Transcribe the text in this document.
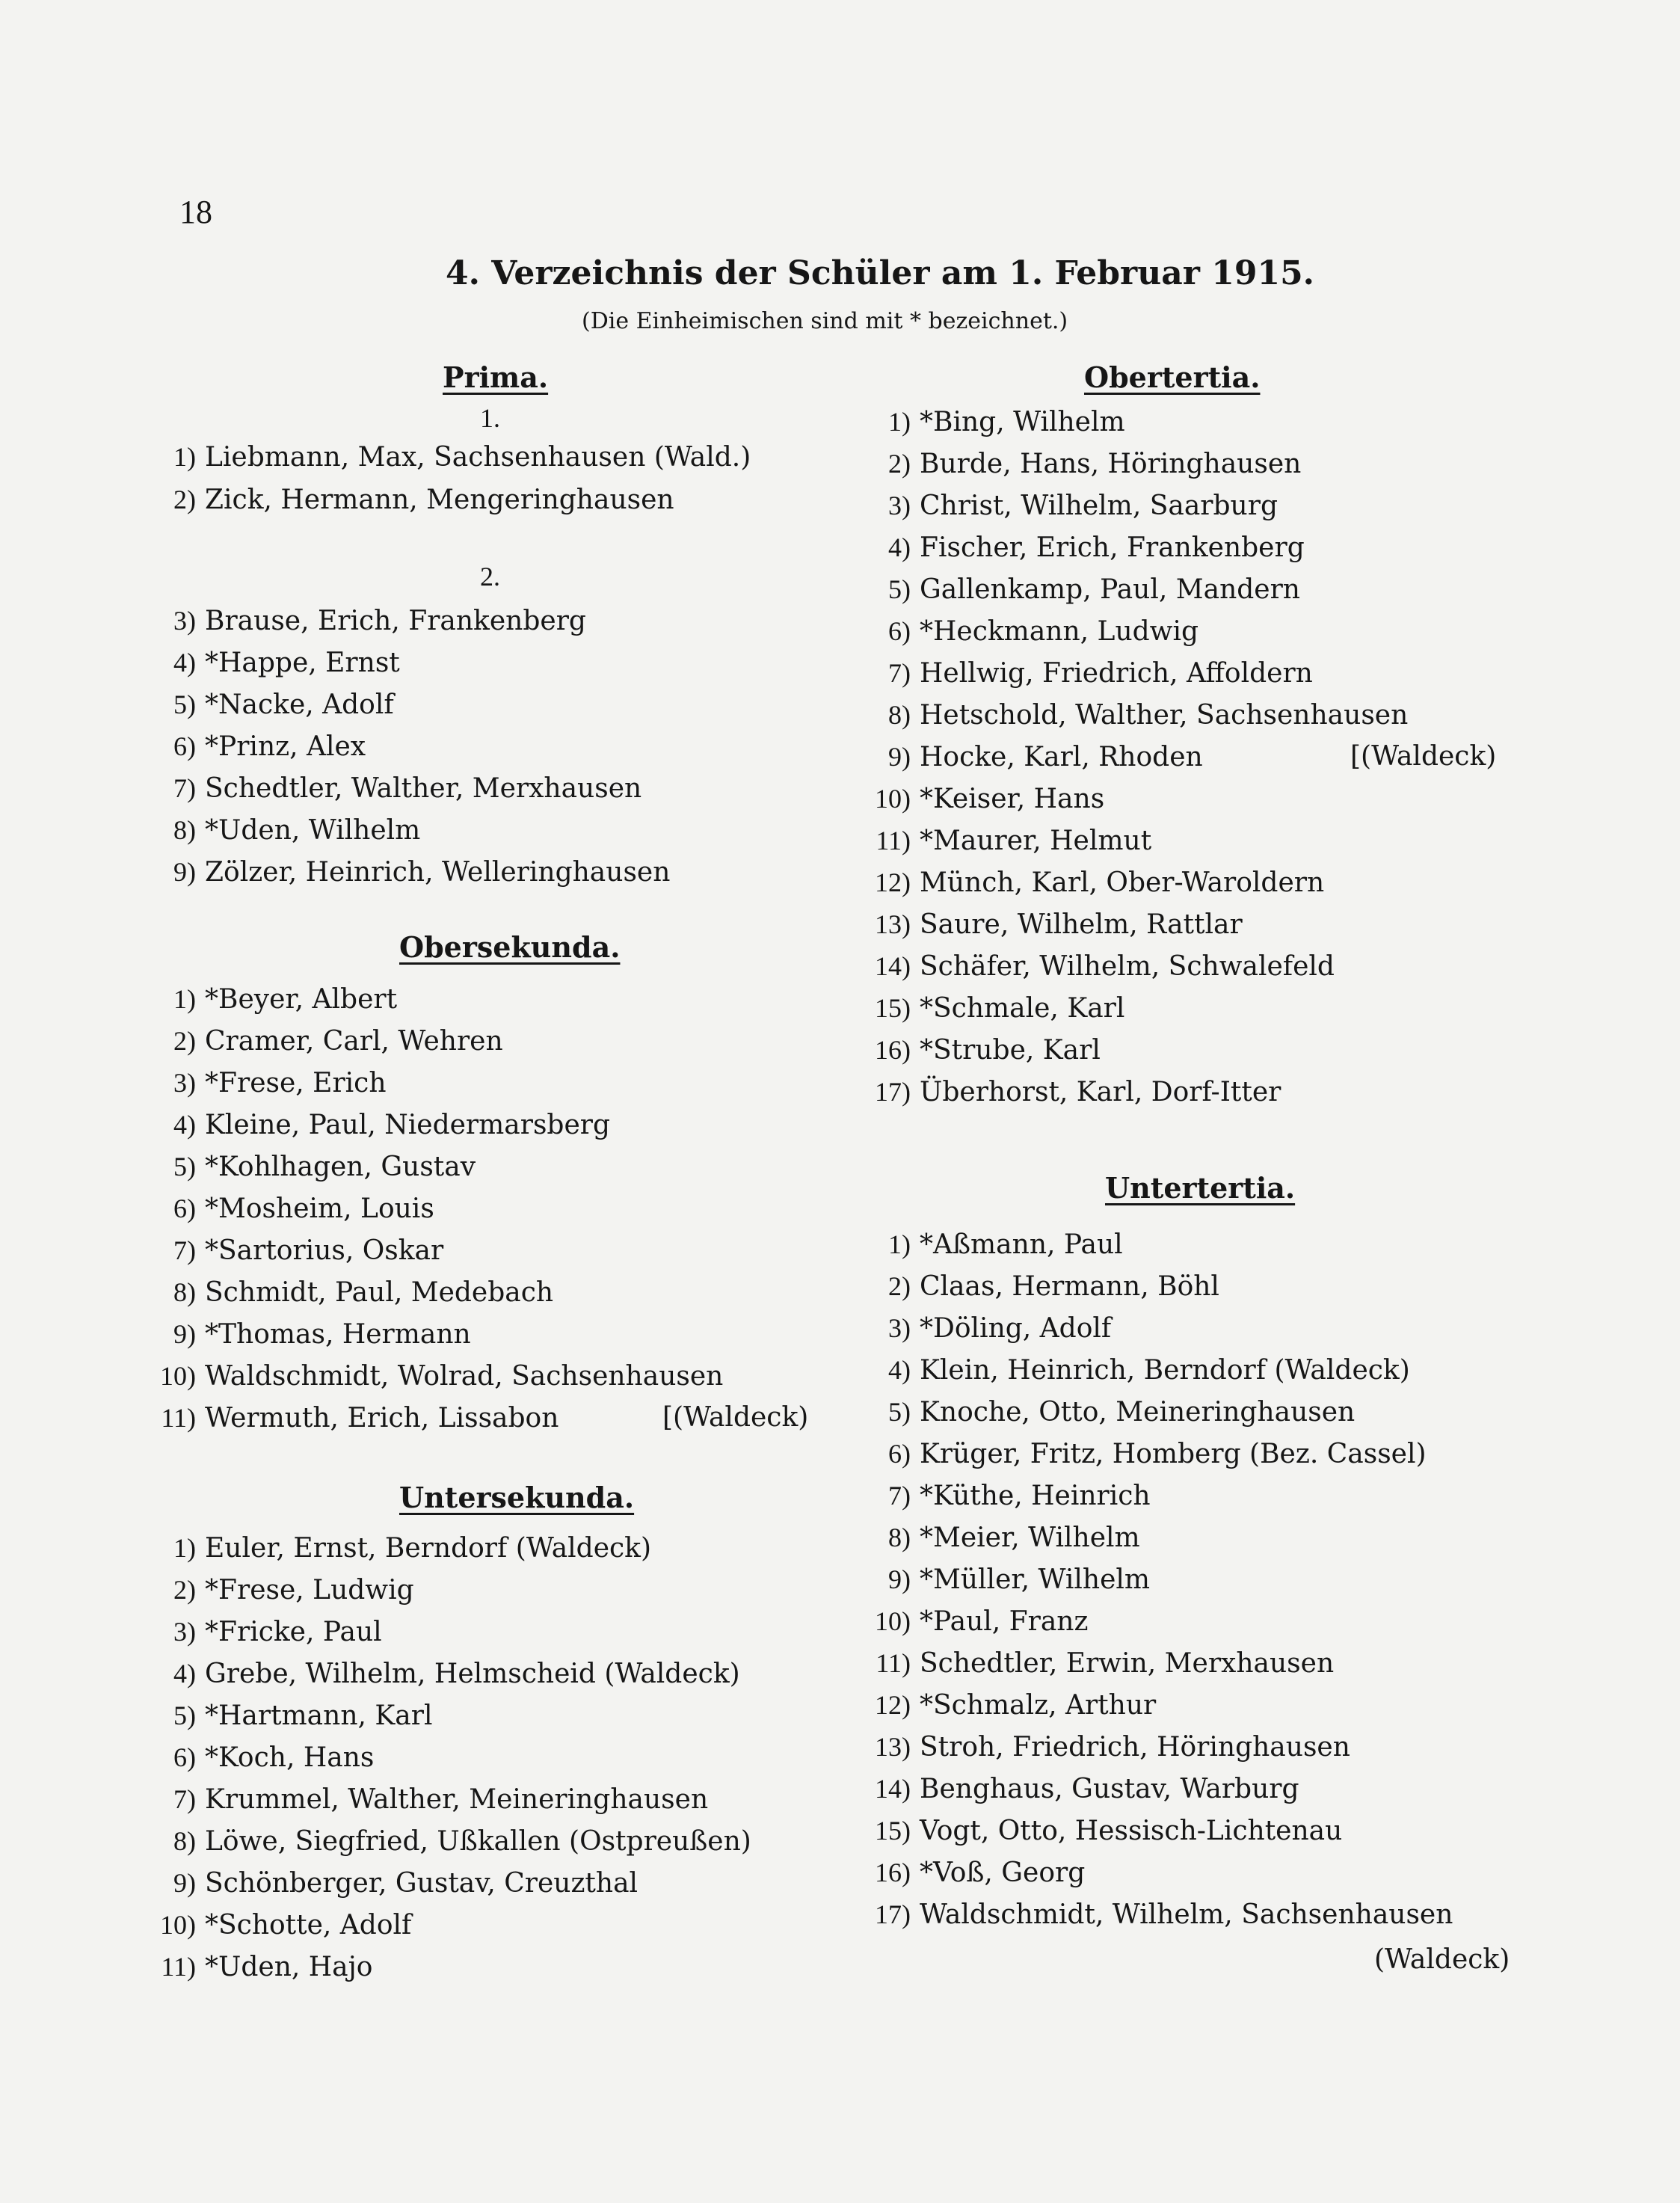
18
4. Verzeichnis der Schüler am 1. Februar 1915.
(Die Einheimischen sind mit * bezeichnet.)
Prima.
1.
1) Liebmann, Max, Sachsenhausen (Wald.)
2) Zick, Hermann, Mengeringhausen
2.
3) Brause, Erich, Frankenberg
4) *Happe, Ernst
5) *Nacke, Adolf
6) *Prinz, Alex
7) Schedtler, Walther, Merxhausen
8) *Uden, Wilhelm
9) Zölzer, Heinrich, Welleringhausen
Obersekunda.
1) *Beyer, Albert
2) Cramer, Carl, Wehren
3) *Frese, Erich
4) Kleine, Paul, Niedermarsberg
5) *Kohlhagen, Gustav
6) *Mosheim, Louis
7) *Sartorius, Oskar
8) Schmidt, Paul, Medebach
9) *Thomas, Hermann
10) Waldschmidt, Wolrad, Sachsenhausen
11) Wermuth, Erich, Lissabon	[(Waldeck)
Untersekunda.
1) Euler, Ernst, Berndorf (Waldeck)
2) *Frese, Ludwig
3) *Fricke, Paul
4) Grebe, Wilhelm, Helmscheid (Waldeck)
5) *Hartmann, Karl
6) *Koch, Hans
7) Krummel, Walther, Meineringhausen
8) Löwe, Siegfried, Ußkallen (Ostpreußen)
9) Schönberger, Gustav, Creuzthal
10) *Schotte, Adolf
11) *Uden, Hajo
Obertertia.
1) *Bing, Wilhelm
2) Burde, Hans, Höringhausen
3) Christ, Wilhelm, Saarburg
4) Fischer, Erich, Frankenberg
5) Gallenkamp, Paul, Mandern
6) *Heckmann, Ludwig
7) Hellwig, Friedrich, Affoldern
8) Hetschold, Walther, Sachsenhausen
9) Hocke, Karl, Rhoden	[(Waldeck)
10) *Keiser, Hans
11) *Maurer, Helmut
12) Münch, Karl, Ober-Waroldern
13) Saure, Wilhelm, Rattlar
14) Schäfer, Wilhelm, Schwalefeld
15) *Schmale, Karl
16) *Strube, Karl
17) Überhorst, Karl, Dorf-Itter
Untertertia.
1) *Aßmann, Paul
2) Claas, Hermann, Böhl
3) *Döling, Adolf
4) Klein, Heinrich, Berndorf (Waldeck)
5) Knoche, Otto, Meineringhausen
6) Krüger, Fritz, Homberg (Bez. Cassel)
7) *Küthe, Heinrich
8) *Meier, Wilhelm
9) *Müller, Wilhelm
10) *Paul, Franz
11) Schedtler, Erwin, Merxhausen
12) *Schmalz, Arthur
13) Stroh, Friedrich, Höringhausen
14) Benghaus, Gustav, Warburg
15) Vogt, Otto, Hessisch-Lichtenau
16) *Voß, Georg
17) Waldschmidt, Wilhelm, Sachsenhausen
(Waldeck)
